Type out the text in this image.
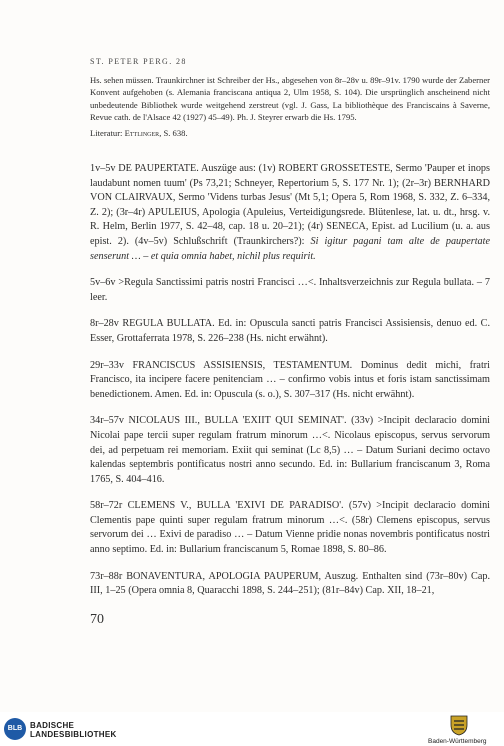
ST. PETER PERG. 28

Hs. sehen müssen. Traunkirchner ist Schreiber der Hs., abgesehen von 8r–28v u. 89r–91v. 1790 wurde der Zaberner Konvent aufgehoben (s. Alemania franciscana antiqua 2, Ulm 1958, S. 104). Die ursprünglich anscheinend nicht unbedeutende Bibliothek wurde weitgehend zerstreut (vgl. J. Gass, La bibliothèque des Franciscains à Saverne, Revue cath. de l'Alsace 42 (1927) 45–49). Ph. J. Steyrer erwarb die Hs. 1795.

Literatur: Ettlinger, S. 638.

1v–5v DE PAUPERTATE. Auszüge aus: (1v) ROBERT GROSSETESTE, Sermo 'Pauper et inops laudabunt nomen tuum' (Ps 73,21; Schneyer, Repertorium 5, S. 177 Nr. 1); (2r–3r) BERNHARD VON CLAIRVAUX, Sermo 'Videns turbas Jesus' (Mt 5,1; Opera 5, Rom 1968, S. 332, Z. 6–334, Z. 2); (3r–4r) APULEIUS, Apologia (Apuleius, Verteidigungsrede. Blütenlese, lat. u. dt., hrsg. v. R. Helm, Berlin 1977, S. 42–48, cap. 18 u. 20–21); (4r) SENECA, Epist. ad Lucilium (u. a. aus epist. 2). (4v–5v) Schlußschrift (Traunkirchers?): Si igitur pagani tam alte de paupertate senserunt … – et quia omnia habet, nichil plus requirit.

5v–6v >Regula Sanctissimi patris nostri Francisci …<. Inhaltsverzeichnis zur Regula bullata. – 7 leer.

8r–28v REGULA BULLATA. Ed. in: Opuscula sancti patris Francisci Assisiensis, denuo ed. C. Esser, Grottaferrata 1978, S. 226–238 (Hs. nicht erwähnt).

29r–33v FRANCISCUS ASSISIENSIS, TESTAMENTUM. Dominus dedit michi, fratri Francisco, ita incipere facere penitenciam … – confirmo vobis intus et foris istam sanctissimam benedictionem. Amen. Ed. in: Opuscula (s. o.), S. 307–317 (Hs. nicht erwähnt).

34r–57v NICOLAUS III., BULLA 'EXIIT QUI SEMINAT'. (33v) >Incipit declaracio domini Nicolai pape tercii super regulam fratrum minorum …<. Nicolaus episcopus, servus servorum dei, ad perpetuam rei memoriam. Exiit qui seminat (Lc 8,5) … – Datum Suriani decimo octavo kalendas septembris pontificatus nostri anno secundo. Ed. in: Bullarium franciscanum 3, Roma 1765, S. 404–416.

58r–72r CLEMENS V., BULLA 'EXIVI DE PARADISO'. (57v) >Incipit declaracio domini Clementis pape quinti super regulam fratrum minorum …<. (58r) Clemens episcopus, servus servorum dei … Exivi de paradiso … – Datum Vienne pridie nonas novembris pontificatus nostri anno septimo. Ed. in: Bullarium franciscanum 5, Romae 1898, S. 80–86.

73r–88r BONAVENTURA, APOLOGIA PAUPERUM, Auszug. Enthalten sind (73r–80v) Cap. III, 1–25 (Opera omnia 8, Quaracchi 1898, S. 244–251); (81r–84v) Cap. XII, 18–21,

70
BLB BADISCHE
LANDESBIBLIOTHEK
Baden-Württemberg
